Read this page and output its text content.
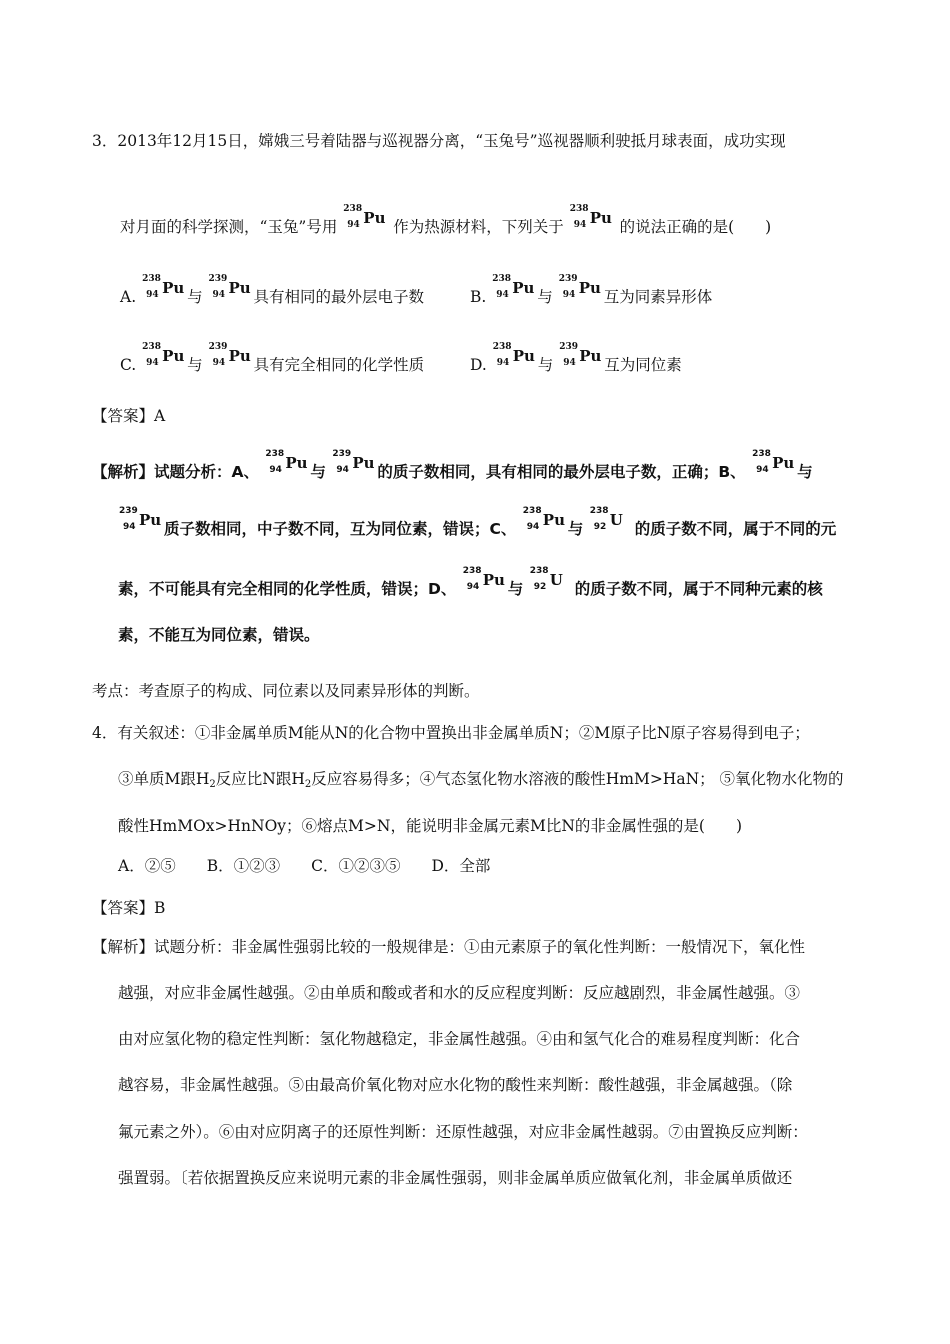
3．2013年12月15日，嫦娥三号着陆器与巡视器分离，“玉兔号”巡视器顺利驶抵月球表面，成功实现
对月面的科学探测，“玉兔”号用
238
94 Pu 作为热源材料，下列关于
238
94 Pu 的说法正确的是(　　)
A.
238
94 Pu 与
239
94 Pu 具有相同的最外层电子数	B.
238
94 Pu 与
239
94 Pu 互为同素异形体
C.
238
94 Pu 与
239
94 Pu 具有完全相同的化学性质	D.
238
94 Pu 与
239
94 Pu 互为同位素
【答案】A
【解析】试题分析：A、
238
94 Pu 与
239
94 Pu 的质子数相同，具有相同的最外层电子数，正确；B、
238
94 Pu 与
239
94 Pu 质子数相同，中子数不同，互为同位素，错误；C、
238
94 Pu 与
238
92 U 的质子数不同，属于不同的元
素，不可能具有完全相同的化学性质，错误；D、
238
94 Pu 与
238
92 U 的质子数不同，属于不同种元素的核
素，不能互为同位素，错误。
考点：考查原子的构成、同位素以及同素异形体的判断。
4．有关叙述：①非金属单质M能从N的化合物中置换出非金属单质N；②M原子比N原子容易得到电子；
③单质M跟$H_2$反应比N跟$H_2$反应容易得多；④气态氢化物水溶液的酸性HmM>HaN； ⑤氧化物水化物的
酸性HmMOx>HnNOy；⑥熔点M>N，能说明非金属元素M比N的非金属性强的是(　　)
A．②⑤　　B．①②③　　C．①②③⑤　　D．全部
【答案】B
【解析】试题分析：非金属性强弱比较的一般规律是：①由元素原子的氧化性判断：一般情况下，氧化性
越强，对应非金属性越强。②由单质和酸或者和水的反应程度判断：反应越剧烈，非金属性越强。③
由对应氢化物的稳定性判断：氢化物越稳定，非金属性越强。④由和氢气化合的难易程度判断：化合
越容易，非金属性越强。⑤由最高价氧化物对应水化物的酸性来判断：酸性越强，非金属越强。（除
氟元素之外）。⑥由对应阴离子的还原性判断：还原性越强，对应非金属性越弱。⑦由置换反应判断：
强置弱。〔若依据置换反应来说明元素的非金属性强弱，则非金属单质应做氧化剂，非金属单质做还
